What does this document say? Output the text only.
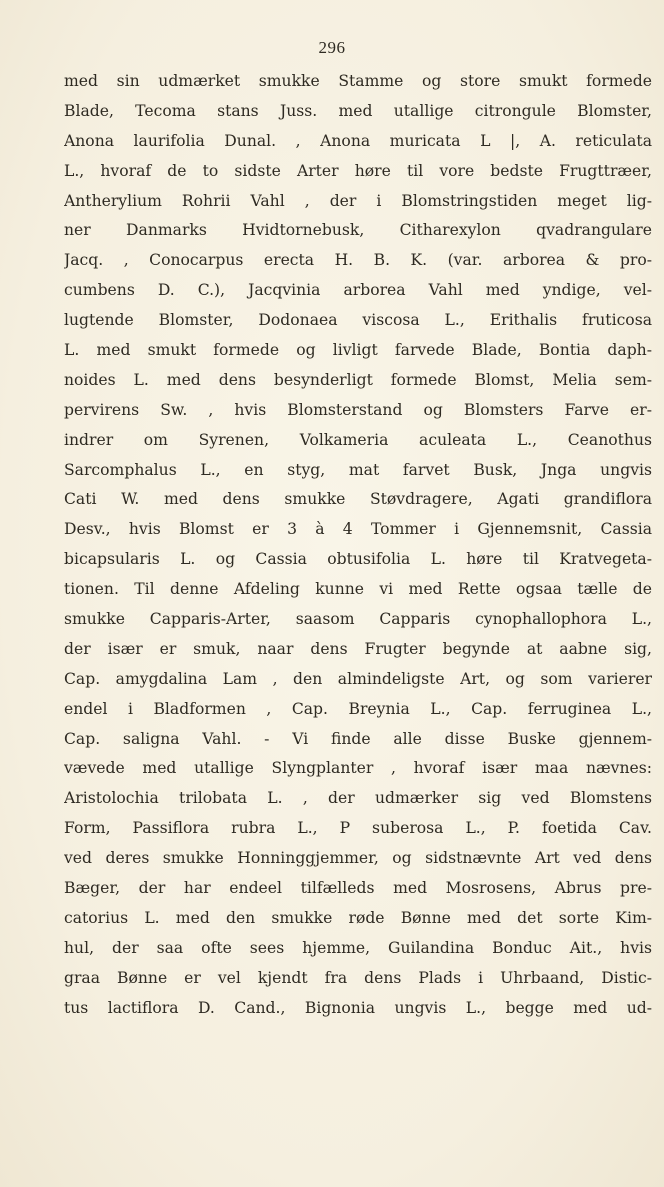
296
med sin udmærket smukke Stamme og store smukt formede
Blade, Tecoma stans Juss. med utallige citrongule Blomster,
Anona laurifolia Dunal. , Anona muricata L |, A. reticulata
L., hvoraf de to sidste Arter høre til vore bedste Frugttræer,
Antherylium Rohrii Vahl , der i Blomstringstiden meget lig-
ner Danmarks Hvidtornebusk, Citharexylon qvadrangulare
Jacq. , Conocarpus erecta H. B. K. (var. arborea & pro-
cumbens D. C.), Jacqvinia arborea Vahl med yndige, vel-
lugtende Blomster, Dodonaea viscosa L., Erithalis fruticosa
L. med smukt formede og livligt farvede Blade, Bontia daph-
noides L. med dens besynderligt formede Blomst, Melia sem-
pervirens Sw. , hvis Blomsterstand og Blomsters Farve er-
indrer om Syrenen, Volkameria aculeata L., Ceanothus
Sarcomphalus L., en styg, mat farvet Busk, Jnga ungvis
Cati W. med dens smukke Støvdragere, Agati grandiflora
Desv., hvis Blomst er 3 à 4 Tommer i Gjennemsnit, Cassia
bicapsularis L. og Cassia obtusifolia L. høre til Kratvegeta-
tionen. Til denne Afdeling kunne vi med Rette ogsaa tælle de
smukke Capparis-Arter, saasom Capparis cynophallophora L.,
der især er smuk, naar dens Frugter begynde at aabne sig,
Cap. amygdalina Lam , den almindeligste Art, og som varierer
endel i Bladformen , Cap. Breynia L., Cap. ferruginea L.,
Cap. saligna Vahl. - Vi finde alle disse Buske gjennem-
vævede med utallige Slyngplanter , hvoraf især maa nævnes:
Aristolochia trilobata L. , der udmærker sig ved Blomstens
Form, Passiflora rubra L., P suberosa L., P. foetida Cav.
ved deres smukke Honninggjemmer, og sidstnævnte Art ved dens
Bæger, der har endeel tilfælleds med Mosrosens, Abrus pre-
catorius L. med den smukke røde Bønne med det sorte Kim-
hul, der saa ofte sees hjemme, Guilandina Bonduc Ait., hvis
graa Bønne er vel kjendt fra dens Plads i Uhrbaand, Distic-
tus lactiflora D. Cand., Bignonia ungvis L., begge med ud-
